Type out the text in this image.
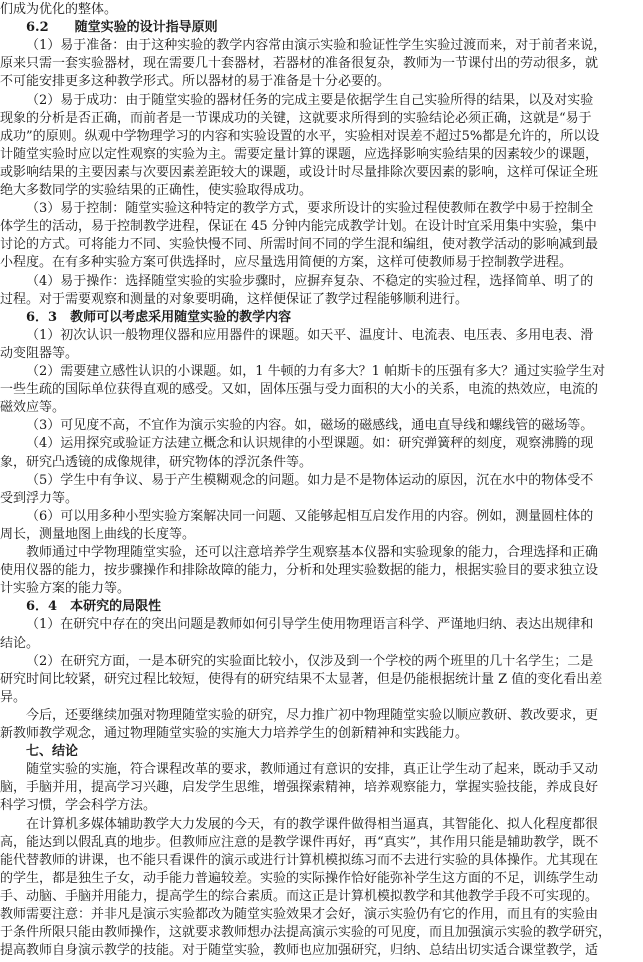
们成为优化的整体。
6.2　　随堂实验的设计指导原则
（1）易于准备：由于这种实验的教学内容常由演示实验和验证性学生实验过渡而来，对于前者来说，
原来只需一套实验器材，现在需要几十套器材，若器材的准备很复杂，教师为一节课付出的劳动很多，就
不可能安排更多这种教学形式。所以器材的易于准备是十分必要的。
（2）易于成功：由于随堂实验的器材任务的完成主要是依据学生自己实验所得的结果，以及对实验
现象的分析是否正确，而前者是一节课成功的关键，这就要求所得到的实验结论必须正确，这就是“易于
成功”的原则。纵观中学物理学习的内容和实验设置的水平，实验相对误差不超过5%都是允许的，所以设
计随堂实验时应以定性观察的实验为主。需要定量计算的课题，应选择影响实验结果的因素较少的课题，
或影响结果的主要因素与次要因素差距较大的课题，或设计时尽量排除次要因素的影响，这样可保证全班
绝大多数同学的实验结果的正确性，使实验取得成功。
（3）易于控制：随堂实验这种特定的教学方式，要求所设计的实验过程使教师在教学中易于控制全
体学生的活动，易于控制教学进程，保证在 45 分钟内能完成教学计划。在设计时宜采用集中实验，集中
讨论的方式。可将能力不同、实验快慢不同、所需时间不同的学生混和编组，使对教学活动的影响减到最
小程度。在有多种实验方案可供选择时，应尽量选用简便的方案，这样可使教师易于控制教学进程。
（4）易于操作：选择随堂实验的实验步骤时，应摒弃复杂、不稳定的实验过程，选择简单、明了的
过程。对于需要观察和测量的对象要明确，这样便保证了教学过程能够顺利进行。
6．3　教师可以考虑采用随堂实验的教学内容
（1）初次认识一般物理仪器和应用器件的课题。如天平、温度计、电流表、电压表、多用电表、滑
动变阻器等。
（2）需要建立感性认识的小课题。如，1 牛顿的力有多大？1 帕斯卡的压强有多大？通过实验学生对
一些生疏的国际单位获得直观的感受。又如，固体压强与受力面积的大小的关系，电流的热效应，电流的
磁效应等。
（3）可见度不高，不宜作为演示实验的内容。如，磁场的磁感线，通电直导线和螺线管的磁场等。
（4）运用探究或验证方法建立概念和认识规律的小型课题。如：研究弹簧秤的刻度，观察沸腾的现
象，研究凸透镜的成像规律，研究物体的浮沉条件等。
（5）学生中有争议、易于产生模糊观念的问题。如力是不是物体运动的原因，沉在水中的物体受不
受到浮力等。
（6）可以用多种小型实验方案解决同一问题、又能够起相互启发作用的内容。例如，测量圆柱体的
周长，测量地图上曲线的长度等。
教师通过中学物理随堂实验，还可以注意培养学生观察基本仪器和实验现象的能力，合理选择和正确
使用仪器的能力，按步骤操作和排除故障的能力，分析和处理实验数据的能力，根据实验目的要求独立设
计实验方案的能力等。
6．4　本研究的局限性
（1）在研究中存在的突出问题是教师如何引导学生使用物理语言科学、严谨地归纳、表达出规律和
结论。
（2）在研究方面，一是本研究的实验面比较小，仅涉及到一个学校的两个班里的几十名学生；二是
研究时间比较紧，研究过程比较短，使得有的研究结果不太显著，但是仍能根据统计量 Z 值的变化看出差
异。
今后，还要继续加强对物理随堂实验的研究，尽力推广初中物理随堂实验以顺应教研、教改要求，更
新教师教学观念，通过物理随堂实验的实施大力培养学生的创新精神和实践能力。
七、结论
随堂实验的实施，符合课程改革的要求，教师通过有意识的安排，真正让学生动了起来，既动手又动
脑，手脑并用，提高学习兴趣，启发学生思维，增强探索精神，培养观察能力，掌握实验技能，养成良好
科学习惯，学会科学方法。
在计算机多媒体辅助教学大力发展的今天，有的教学课件做得相当逼真，其智能化、拟人化程度都很
高，能达到以假乱真的地步。但教师应注意的是教学课件再好，再“真实”，其作用只能是辅助教学，既不
能代替教师的讲课，也不能只看课件的演示或进行计算机模拟练习而不去进行实验的具体操作。尤其现在
的学生，都是独生子女，动手能力普遍较差。实验的实际操作恰好能弥补学生这方面的不足，训练学生动
手、动脑、手脑并用能力，提高学生的综合素质。而这正是计算机模拟教学和其他教学手段不可实现的。
教师需要注意：并非凡是演示实验都改为随堂实验效果才会好，演示实验仍有它的作用，而且有的实验由
于条件所限只能由教师操作，这就要求教师想办法提高演示实验的可见度，而且加强演示实验的教学研究，
提高教师自身演示教学的技能。对于随堂实验，教师也应加强研究，归纳、总结出切实适合课堂教学，适
